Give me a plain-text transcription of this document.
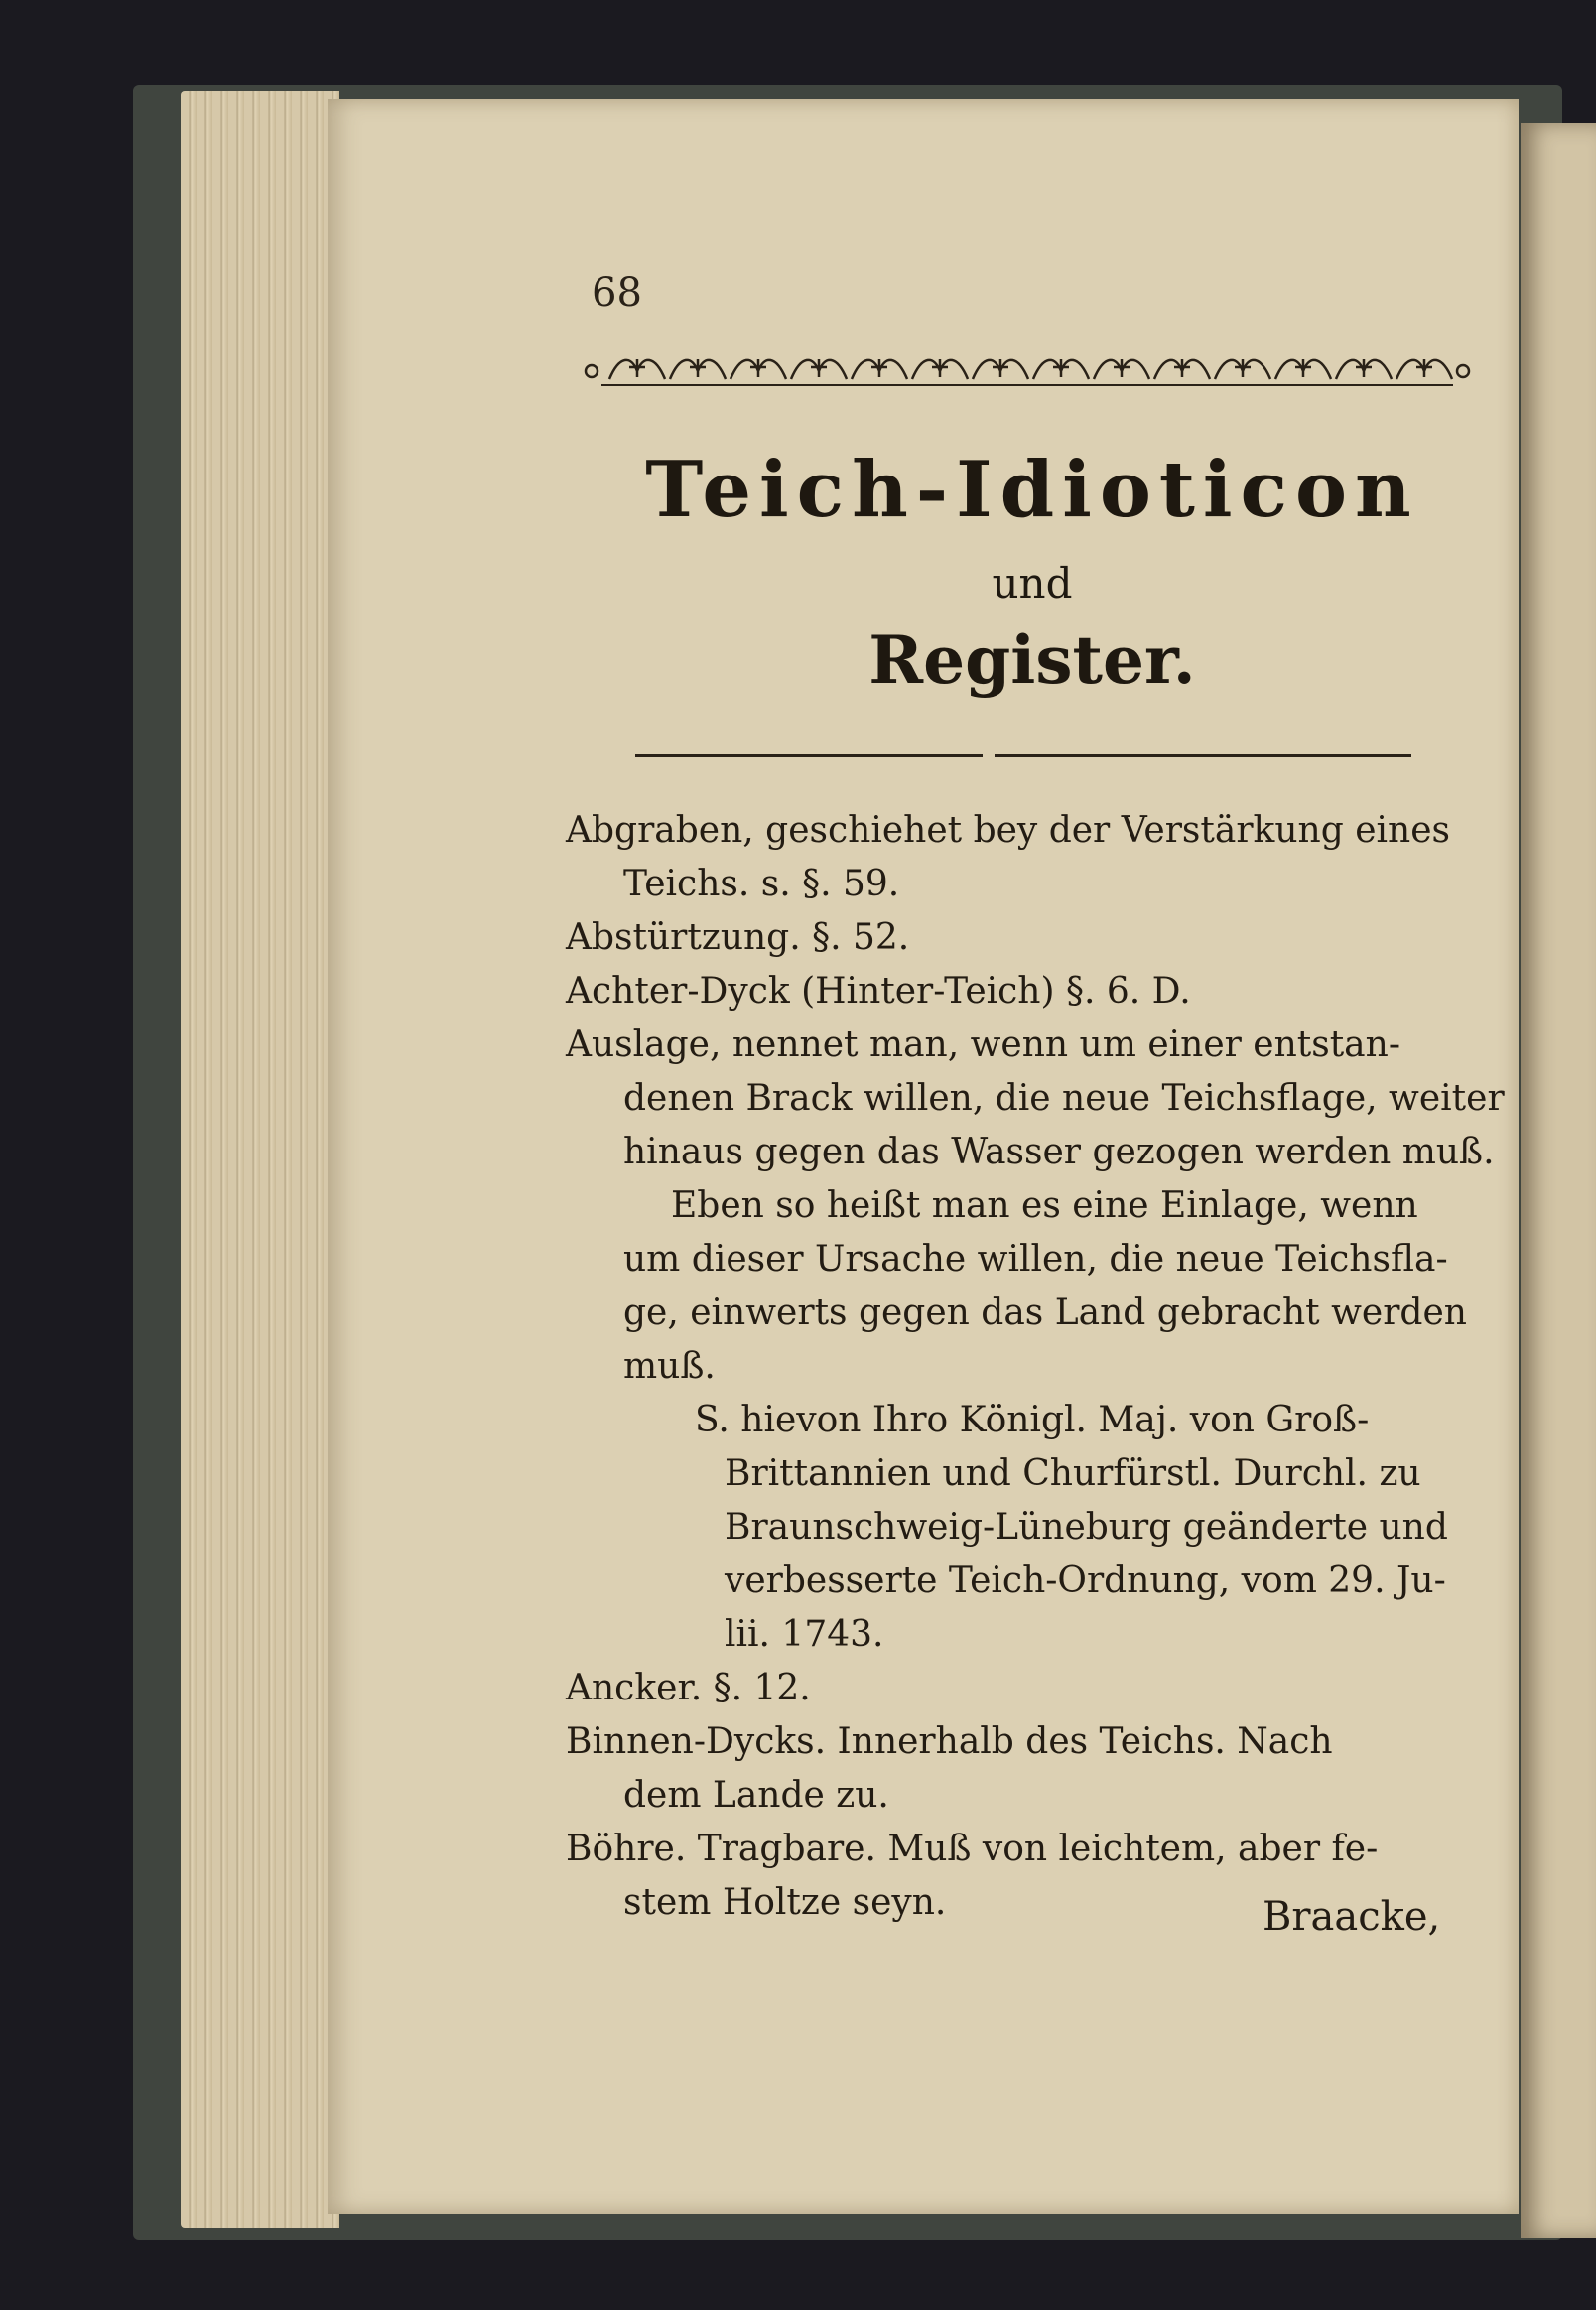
68
Teich-Idioticon
und
Register.
Abgraben, geschiehet bey der Verstärkung eines
Teichs. s. §. 59.
Abstürtzung. §. 52.
Achter-Dyck (Hinter-Teich) §. 6. D.
Auslage, nennet man, wenn um einer entstan-
denen Brack willen, die neue Teichsflage, weiter
hinaus gegen das Wasser gezogen werden muß.
Eben so heißt man es eine Einlage, wenn
um dieser Ursache willen, die neue Teichsfla-
ge, einwerts gegen das Land gebracht werden
muß.
S. hievon Ihro Königl. Maj. von Groß-
Brittannien und Churfürstl. Durchl. zu
Braunschweig-Lüneburg geänderte und
verbesserte Teich-Ordnung, vom 29. Ju-
lii. 1743.
Ancker. §. 12.
Binnen-Dycks. Innerhalb des Teichs. Nach
dem Lande zu.
Böhre. Tragbare. Muß von leichtem, aber fe-
stem Holtze seyn.	Braacke,
